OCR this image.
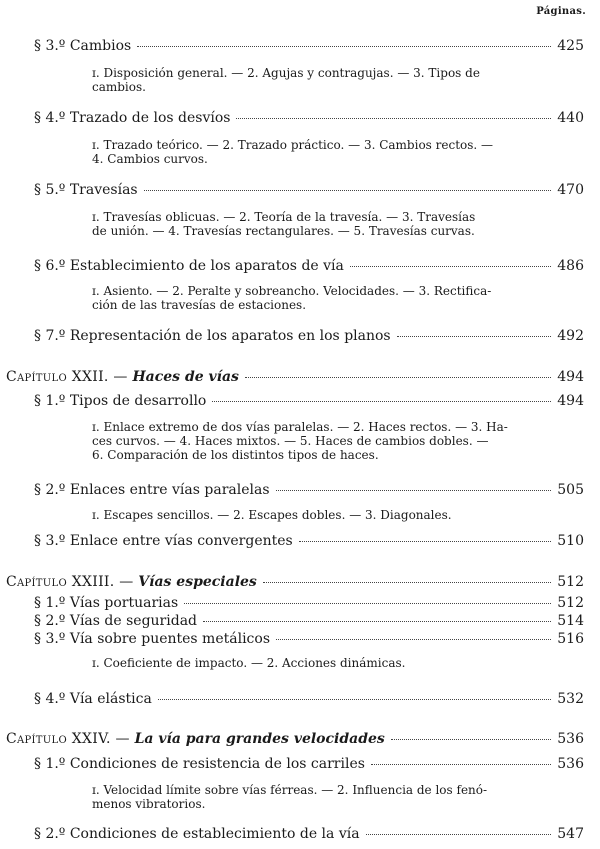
Páginas.
§ 3.º Cambios	425
ɪ. Disposición general. — 2. Agujas y contragujas. — 3. Tipos de
cambios.
§ 4.º Trazado de los desvíos	440
ɪ. Trazado teórico. — 2. Trazado práctico. — 3. Cambios rectos. —
4. Cambios curvos.
§ 5.º Travesías	470
ɪ. Travesías oblicuas. — 2. Teoría de la travesía. — 3. Travesías
de unión. — 4. Travesías rectangulares. — 5. Travesías curvas.
§ 6.º Establecimiento de los aparatos de vía	486
ɪ. Asiento. — 2. Peralte y sobreancho. Velocidades. — 3. Rectifica-
ción de las travesías de estaciones.
§ 7.º Representación de los aparatos en los planos	492
Capítulo XXII. — Haces de vías	494
§ 1.º Tipos de desarrollo	494
ɪ. Enlace extremo de dos vías paralelas. — 2. Haces rectos. — 3. Ha-
ces curvos. — 4. Haces mixtos. — 5. Haces de cambios dobles. —
6. Comparación de los distintos tipos de haces.
§ 2.º Enlaces entre vías paralelas	505
ɪ. Escapes sencillos. — 2. Escapes dobles. — 3. Diagonales.
§ 3.º Enlace entre vías convergentes	510
Capítulo XXIII. — Vías especiales	512
§ 1.º Vías portuarias	512
§ 2.º Vías de seguridad	514
§ 3.º Vía sobre puentes metálicos	516
ɪ. Coeficiente de impacto. — 2. Acciones dinámicas.
§ 4.º Vía elástica	532
Capítulo XXIV. — La vía para grandes velocidades	536
§ 1.º Condiciones de resistencia de los carriles	536
ɪ. Velocidad límite sobre vías férreas. — 2. Influencia de los fenó-
menos vibratorios.
§ 2.º Condiciones de establecimiento de la vía	547
